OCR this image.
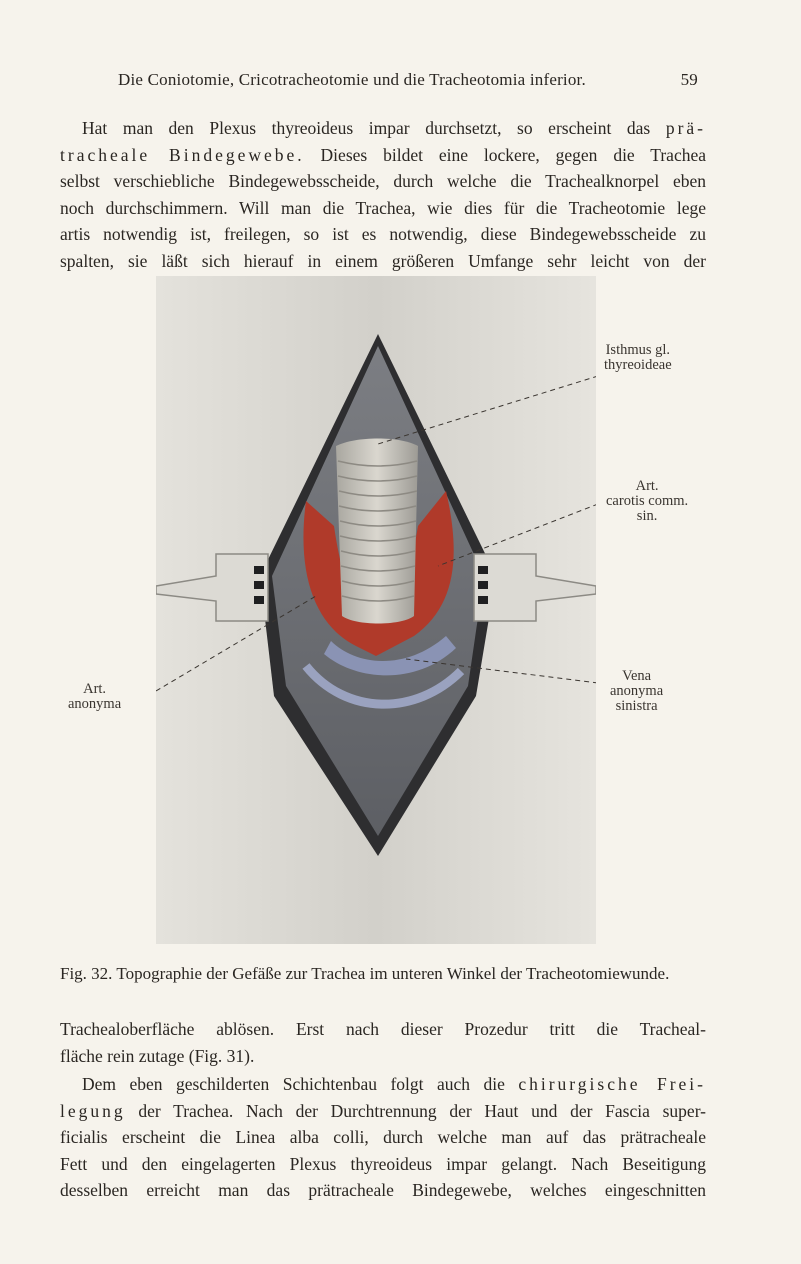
Die Coniotomie, Cricotracheotomie und die Tracheotomia inferior.	59
Hat man den Plexus thyreoideus impar durchsetzt, so erscheint das prä-
tracheale Bindegewebe. Dieses bildet eine lockere, gegen die Trachea
selbst verschiebliche Bindegewebsscheide, durch welche die Trachealknorpel eben
noch durchschimmern. Will man die Trachea, wie dies für die Tracheotomie lege
artis notwendig ist, freilegen, so ist es notwendig, diese Bindegewebsscheide zu
spalten, sie läßt sich hierauf in einem größeren Umfange sehr leicht von der
Isthmus gl.
thyreoideae
Art.
carotis comm.
sin.
Vena
anonyma
sinistra
Art.
anonyma
Fig. 32. Topographie der Gefäße zur Trachea im unteren Winkel der Tracheotomiewunde.
Trachealoberfläche ablösen. Erst nach dieser Prozedur tritt die Tracheal-
fläche rein zutage (Fig. 31).
Dem eben geschilderten Schichtenbau folgt auch die chirurgische Frei-
legung der Trachea. Nach der Durchtrennung der Haut und der Fascia super-
ficialis erscheint die Linea alba colli, durch welche man auf das prätracheale
Fett und den eingelagerten Plexus thyreoideus impar gelangt. Nach Beseitigung
desselben erreicht man das prätracheale Bindegewebe, welches eingeschnitten
